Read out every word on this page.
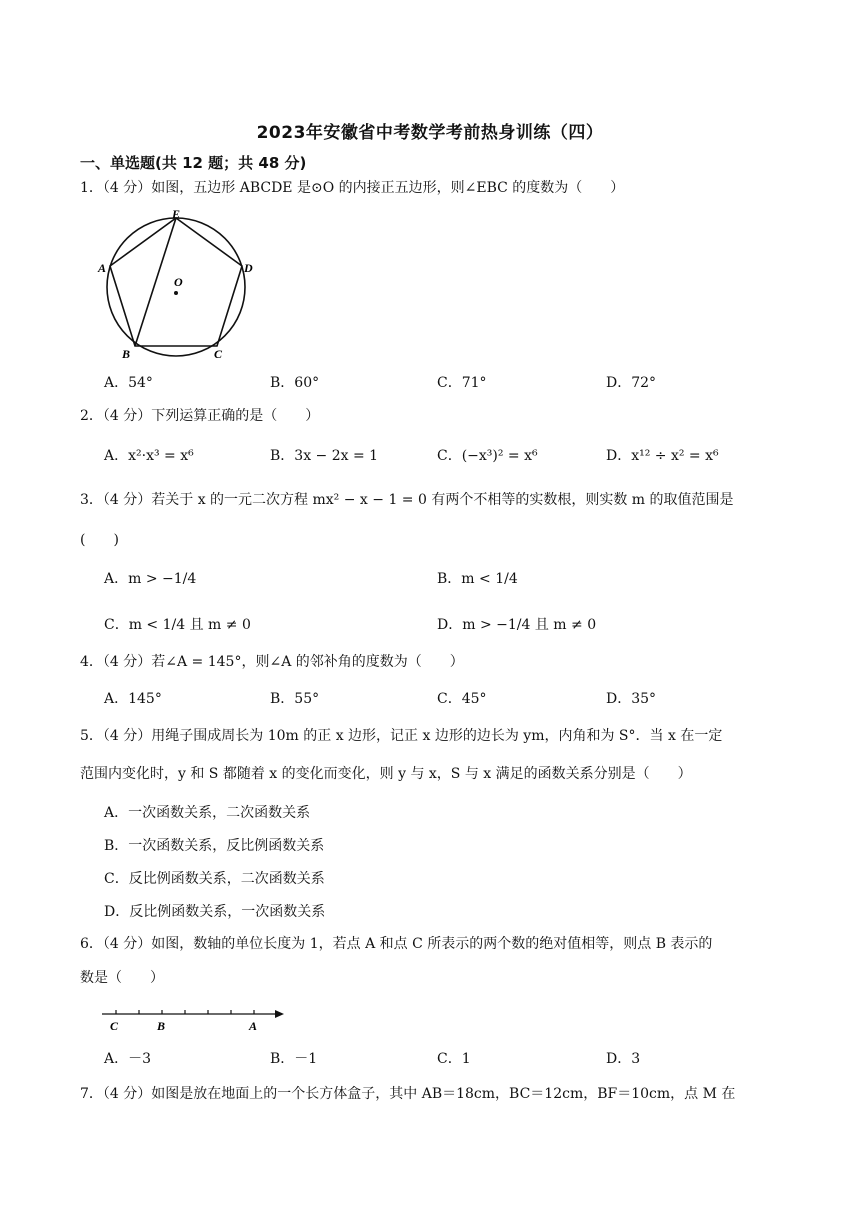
2023年安徽省中考数学考前热身训练（四）
一、单选题(共 12 题；共 48 分)
1．（4 分）如图，五边形 ABCDE 是⊙O 的内接正五边形，则∠EBC 的度数为（　　）
E
A	D
O
B	C
A．54°	B．60°	C．71°	D．72°
2．（4 分）下列运算正确的是（　　）
A．x²·x³ = x⁶	B．3x − 2x = 1	C．(−x³)² = x⁶	D．x¹² ÷ x² = x⁶
3．（4 分）若关于 x 的一元二次方程 mx² − x − 1 = 0 有两个不相等的实数根，则实数 m 的取值范围是
(　　)
A．m > −1/4	B．m < 1/4
C．m < 1/4 且 m ≠ 0	D．m > −1/4 且 m ≠ 0
4．（4 分）若∠A = 145°，则∠A 的邻补角的度数为（　　）
A．145°	B．55°	C．45°	D．35°
5．（4 分）用绳子围成周长为 10m 的正 x 边形，记正 x 边形的边长为 ym，内角和为 S°．当 x 在一定
范围内变化时，y 和 S 都随着 x 的变化而变化，则 y 与 x，S 与 x 满足的函数关系分别是（　　）
A．一次函数关系，二次函数关系
B．一次函数关系，反比例函数关系
C．反比例函数关系，二次函数关系
D．反比例函数关系，一次函数关系
6．（4 分）如图，数轴的单位长度为 1，若点 A 和点 C 所表示的两个数的绝对值相等，则点 B 表示的
数是（　　）
C	B	A
A．－3	B．－1	C．1	D．3
7．（4 分）如图是放在地面上的一个长方体盒子，其中 AB＝18cm，BC＝12cm，BF＝10cm，点 M 在
